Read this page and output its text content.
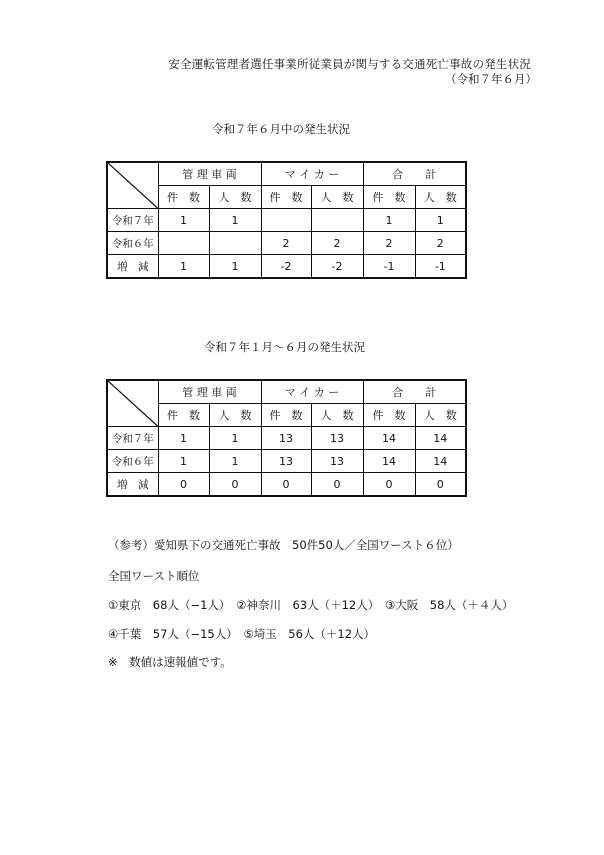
安全運転管理者選任事業所従業員が関与する交通死亡事故の発生状況
（令和７年６月）
令和７年６月中の発生状況
	管 理 車 両		マ イ カ ー		合　　計	
	件　数	人　数	件　数	人　数	件　数	人　数
令和７年	1	1			1	1
令和６年			2	2	2	2
増　減	1	1	-2	-2	-1	-1
令和７年１月～６月の発生状況
	管 理 車 両		マ イ カ ー		合　　計	
	件　数	人　数	件　数	人　数	件　数	人　数
令和７年	1	1	13	13	14	14
令和６年	1	1	13	13	14	14
増　減	0	0	0	0	0	0
（参考）愛知県下の交通死亡事故　50件50人／全国ワースト６位）
全国ワースト順位
①東京　68人（−1人）　②神奈川　63人（＋12人）　③大阪　58人（＋４人）
④千葉　57人（−15人）　⑤埼玉　56人（＋12人）
※　数値は速報値です。
